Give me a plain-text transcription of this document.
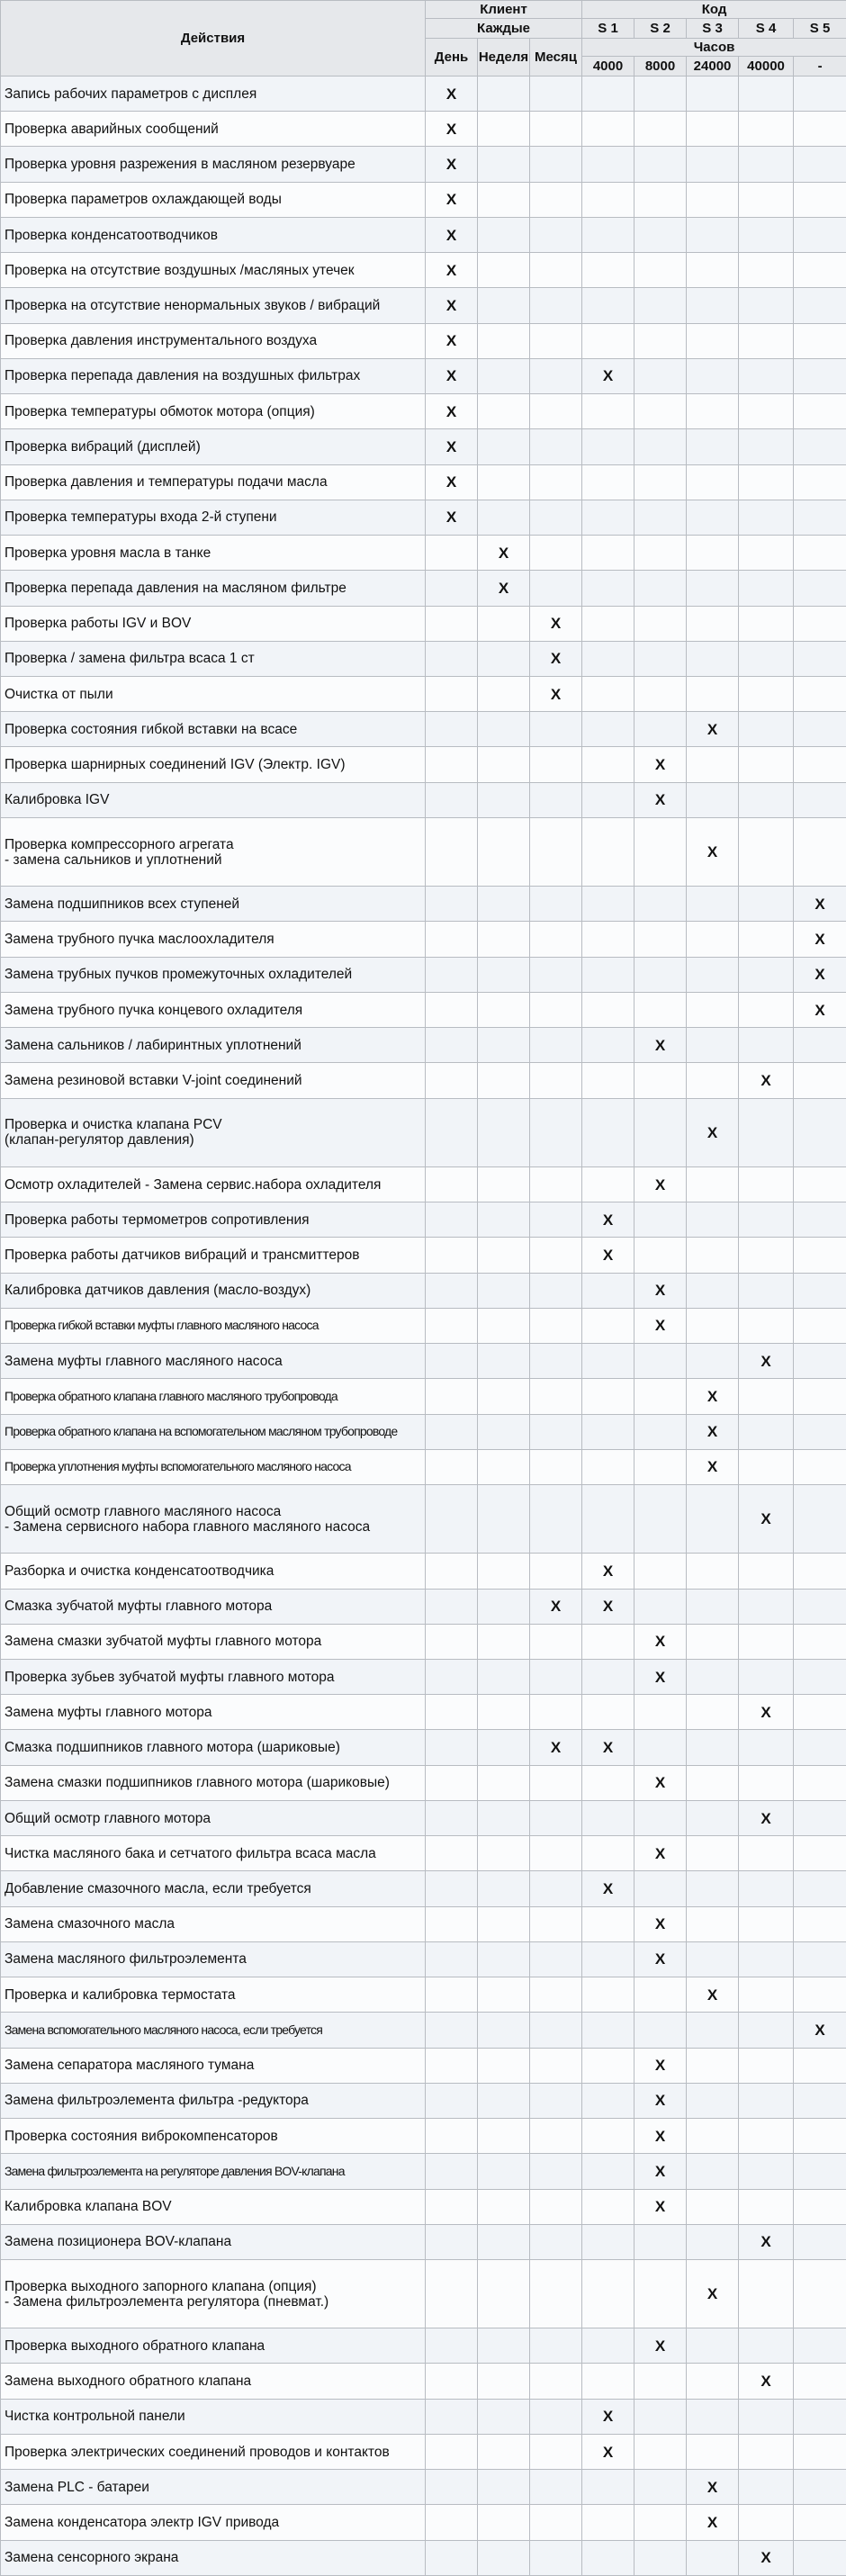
Действия	Клиент			Код				
	Каждые			S 1	S 2	S 3	S 4	S 5
	День	Неделя	Месяц	Часов				
				4000	8000	24000	40000	-
Запись рабочих параметров с дисплея	X							
Проверка аварийных сообщений	X							
Проверка уровня разрежения в масляном резервуаре	X							
Проверка параметров охлаждающей воды	X							
Проверка конденсатоотводчиков	X							
Проверка на отсутствие воздушных /масляных утечек	X							
Проверка на отсутствие ненормальных звуков / вибраций	X							
Проверка давления инструментального воздуха	X							
Проверка перепада давления на воздушных фильтрах	X			X				
Проверка температуры обмоток мотора (опция)	X							
Проверка вибраций (дисплей)	X							
Проверка давления и температуры подачи масла	X							
Проверка температуры входа 2-й ступени	X							
Проверка уровня масла в танке		X						
Проверка перепада давления на масляном фильтре		X						
Проверка работы IGV и BOV			X					
Проверка / замена фильтра всаса 1 ст			X					
Очистка от пыли			X					
Проверка состояния гибкой вставки на всасе						X		
Проверка шарнирных соединений IGV (Электр. IGV)					X			
Калибровка IGV					X			
Проверка компрессорного агрегата
- замена сальников и уплотнений						X		
Замена подшипников всех ступеней								X
Замена трубного пучка маслоохладителя								X
Замена трубных пучков промежуточных охладителей								X
Замена трубного пучка концевого охладителя								X
Замена сальников / лабиринтных уплотнений					X			
Замена резиновой вставки V-joint соединений							X	
Проверка и очистка клапана PCV
(клапан-регулятор давления)						X		
Осмотр охладителей - Замена сервис.набора охладителя					X			
Проверка работы термометров сопротивления				X				
Проверка работы датчиков вибраций и трансмиттеров				X				
Калибровка датчиков давления (масло-воздух)					X			
Проверка гибкой вставки муфты главного масляного насоса					X			
Замена муфты главного масляного насоса							X	
Проверка обратного клапана главного масляного трубопровода						X		
Проверка обратного клапана на вспомогательном масляном трубопроводе						X		
Проверка уплотнения муфты вспомогательного масляного насоса						X		
Общий осмотр главного масляного насоса
- Замена сервисного набора главного масляного насоса							X	
Разборка и очистка конденсатоотводчика				X				
Смазка зубчатой муфты главного мотора			X	X				
Замена смазки зубчатой муфты главного мотора					X			
Проверка зубьев зубчатой муфты главного мотора					X			
Замена муфты главного мотора							X	
Смазка подшипников главного мотора (шариковые)			X	X				
Замена смазки подшипников главного мотора (шариковые)					X			
Общий осмотр главного мотора							X	
Чистка масляного бака и сетчатого фильтра всаса масла					X			
Добавление смазочного масла, если требуется				X				
Замена смазочного масла					X			
Замена масляного фильтроэлемента					X			
Проверка и калибровка термостата						X		
Замена вспомогательного масляного насоса, если требуется								X
Замена сепаратора масляного тумана					X			
Замена фильтроэлемента фильтра -редуктора					X			
Проверка состояния виброкомпенсаторов					X			
Замена фильтроэлемента на регуляторе давления BOV-клапана					X			
Калибровка клапана BOV					X			
Замена позиционера BOV-клапана							X	
Проверка выходного запорного клапана (опция)
- Замена фильтроэлемента регулятора (пневмат.)						X		
Проверка выходного обратного клапана					X			
Замена выходного обратного клапана							X	
Чистка контрольной панели				X				
Проверка электрических соединений проводов и контактов				X				
Замена PLC - батареи						X		
Замена конденсатора электр IGV привода						X		
Замена сенсорного экрана							X	
